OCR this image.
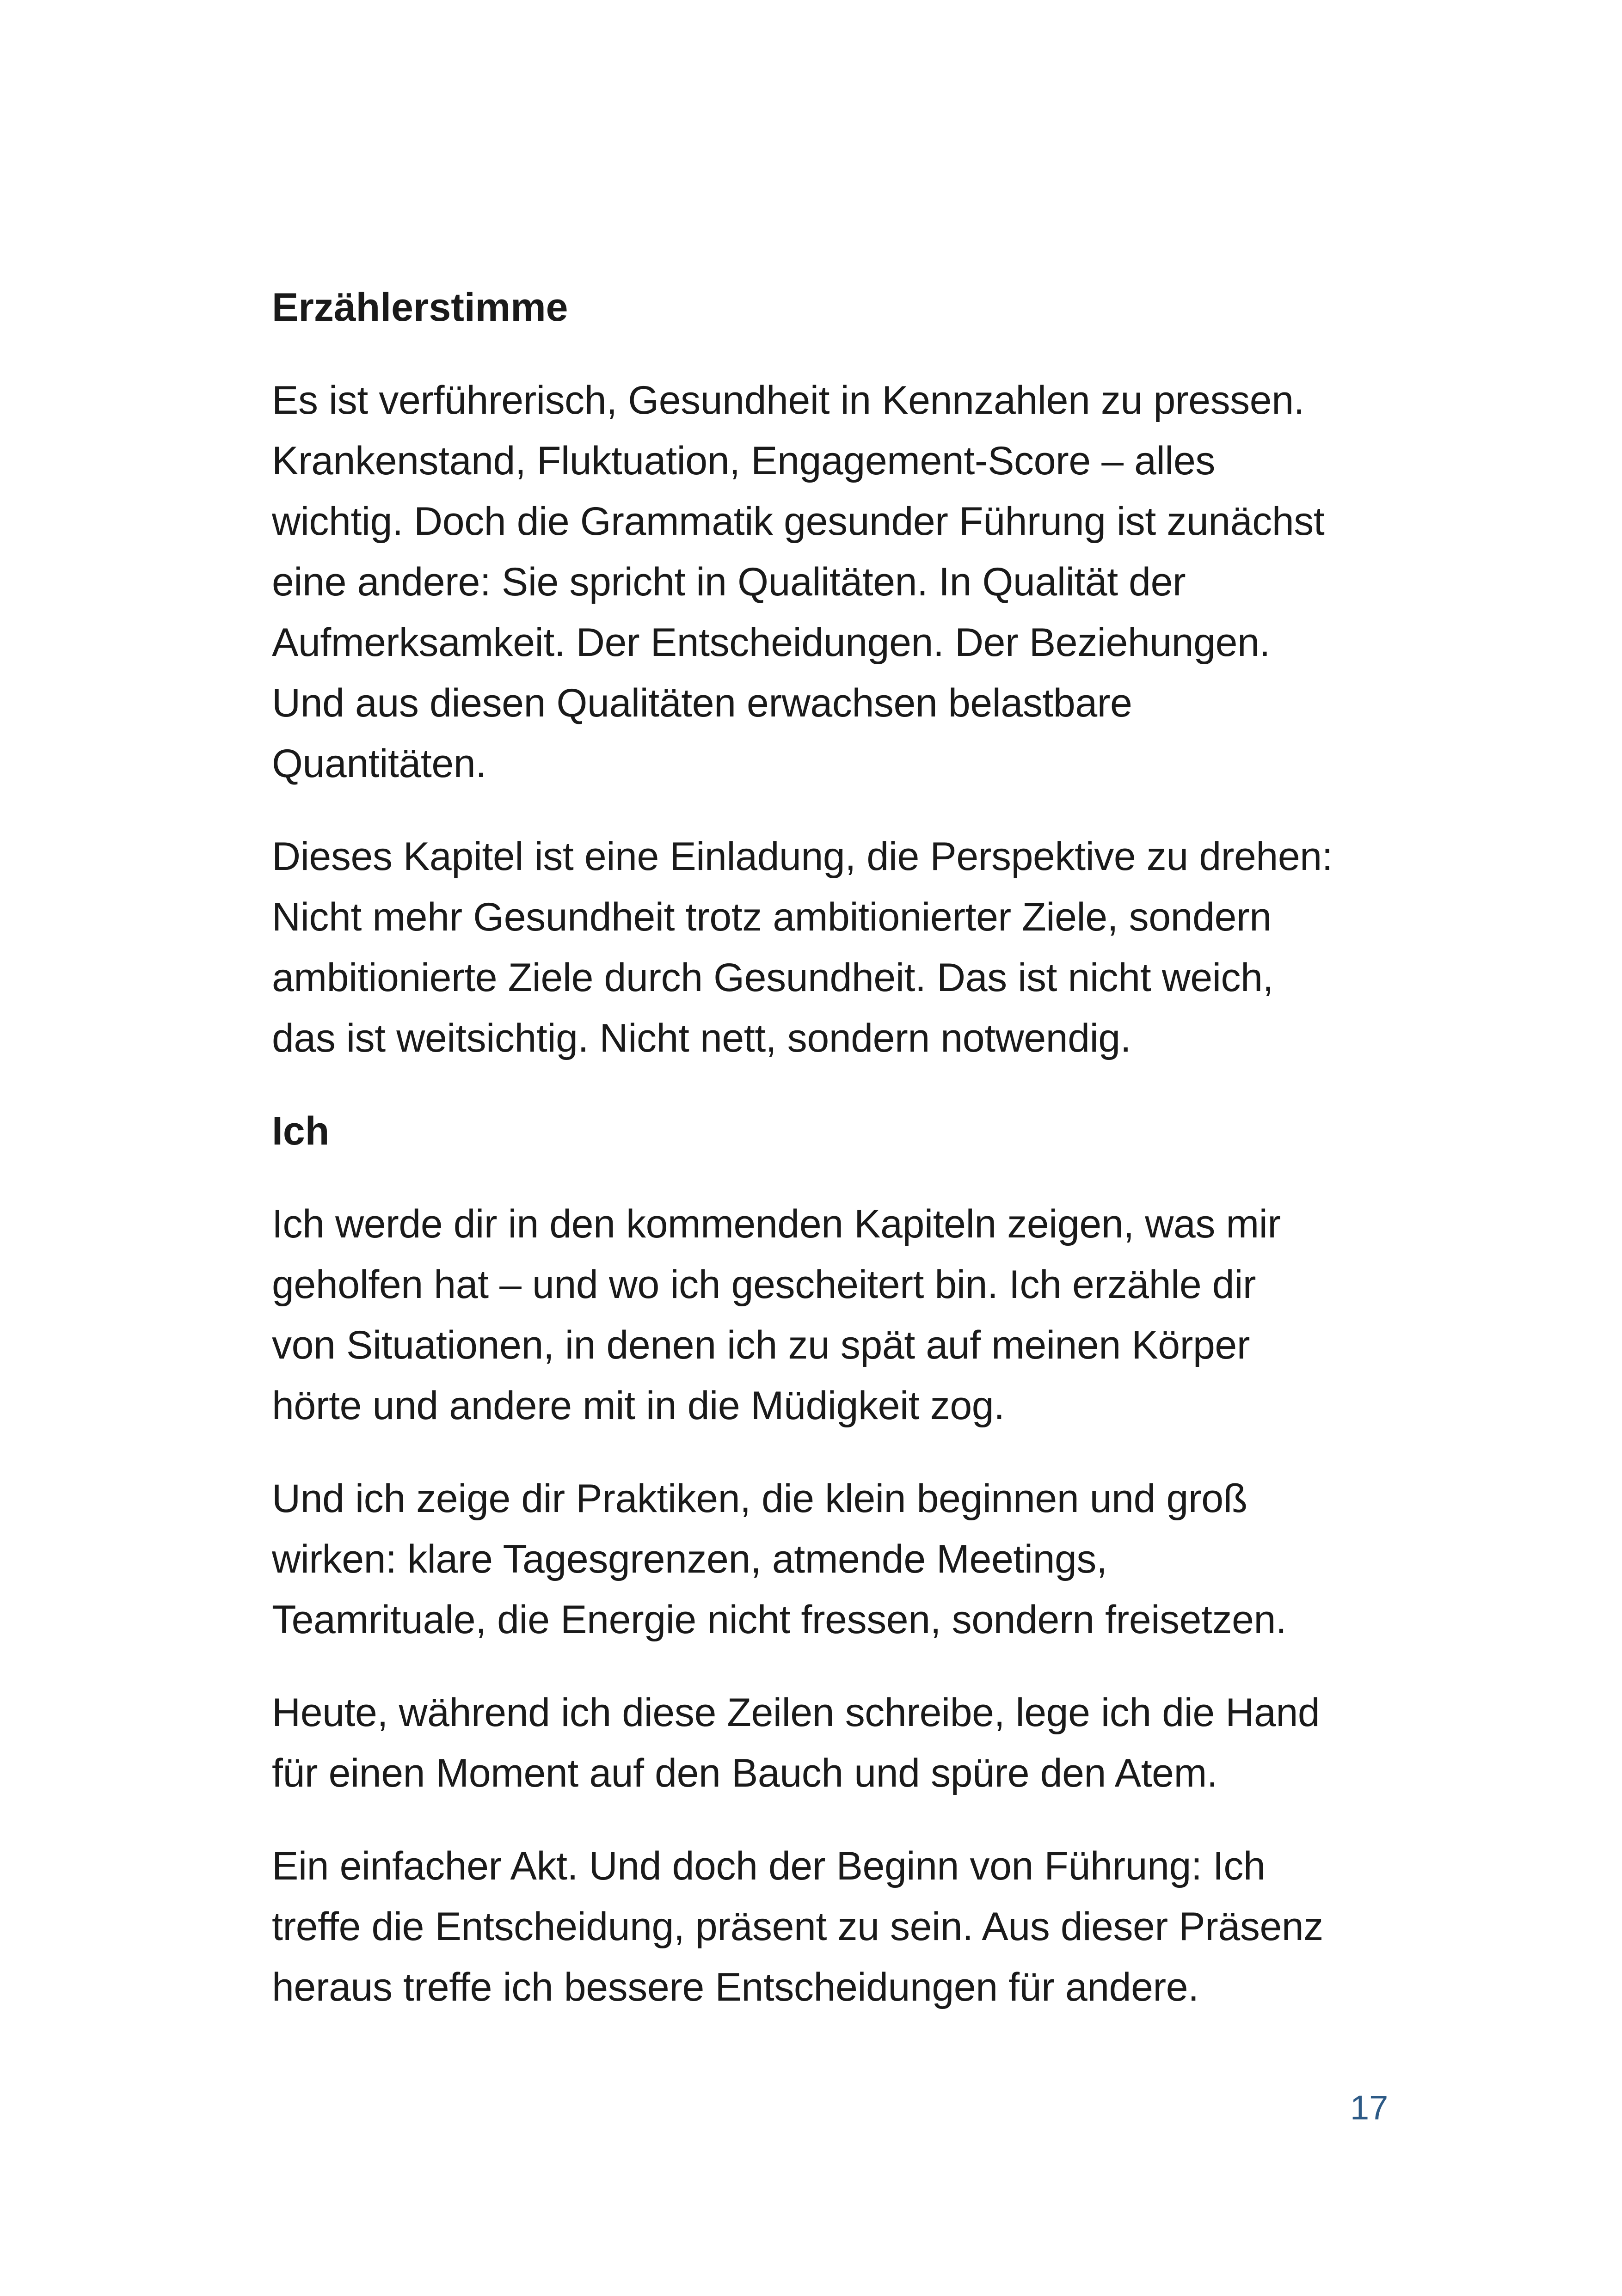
Erzählerstimme

Es ist verführerisch, Gesundheit in Kennzahlen zu pressen.
Krankenstand, Fluktuation, Engagement-Score – alles
wichtig. Doch die Grammatik gesunder Führung ist zunächst
eine andere: Sie spricht in Qualitäten. In Qualität der
Aufmerksamkeit. Der Entscheidungen. Der Beziehungen.
Und aus diesen Qualitäten erwachsen belastbare
Quantitäten.

Dieses Kapitel ist eine Einladung, die Perspektive zu drehen:
Nicht mehr Gesundheit trotz ambitionierter Ziele, sondern
ambitionierte Ziele durch Gesundheit. Das ist nicht weich,
das ist weitsichtig. Nicht nett, sondern notwendig.

Ich

Ich werde dir in den kommenden Kapiteln zeigen, was mir
geholfen hat – und wo ich gescheitert bin. Ich erzähle dir
von Situationen, in denen ich zu spät auf meinen Körper
hörte und andere mit in die Müdigkeit zog.

Und ich zeige dir Praktiken, die klein beginnen und groß
wirken: klare Tagesgrenzen, atmende Meetings,
Teamrituale, die Energie nicht fressen, sondern freisetzen.

Heute, während ich diese Zeilen schreibe, lege ich die Hand
für einen Moment auf den Bauch und spüre den Atem.

Ein einfacher Akt. Und doch der Beginn von Führung: Ich
treffe die Entscheidung, präsent zu sein. Aus dieser Präsenz
heraus treffe ich bessere Entscheidungen für andere.

17
